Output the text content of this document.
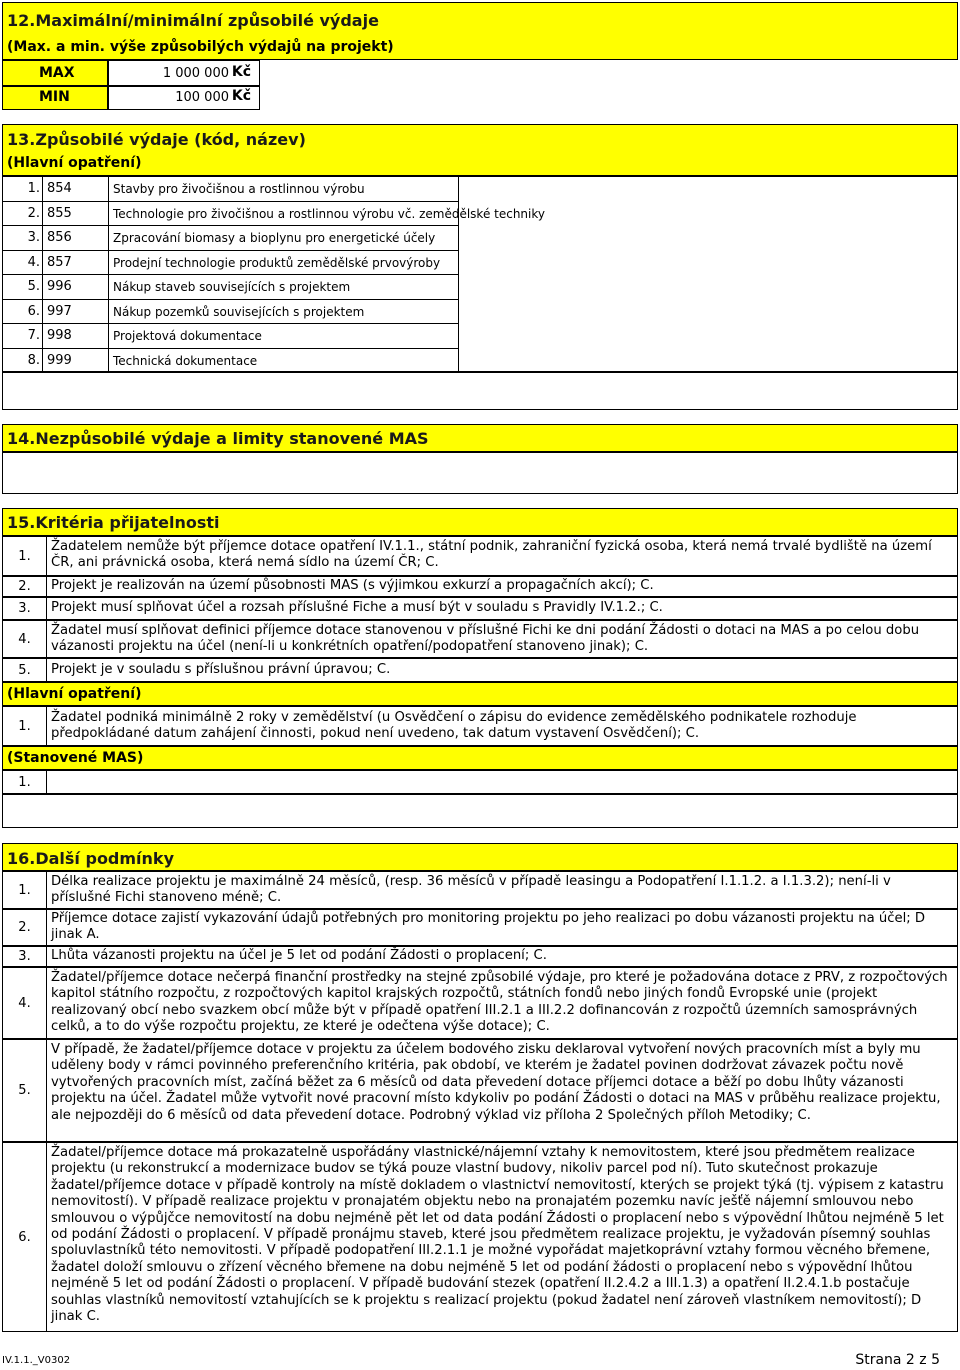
12.Maximální/minimální způsobilé výdaje
(Max. a min. výše způsobilých výdajů na projekt)
MAX	1 000 000 Kč
MIN	100 000 Kč
13.Způsobilé výdaje (kód, název)
(Hlavní opatření)
1. 854	Stavby pro živočišnou a rostlinnou výrobu
2. 855	Technologie pro živočišnou a rostlinnou výrobu vč. zemědělské techniky
3. 856	Zpracování biomasy a bioplynu pro energetické účely
4. 857	Prodejní technologie produktů zemědělské prvovýroby
5. 996	Nákup staveb souvisejících s projektem
6. 997	Nákup pozemků souvisejících s projektem
7. 998	Projektová dokumentace
8. 999	Technická dokumentace
14.Nezpůsobilé výdaje a limity stanovené MAS
15.Kritéria přijatelnosti
1.
Žadatelem nemůže být příjemce dotace opatření IV.1.1., státní podnik, zahraniční fyzická osoba, která nemá trvalé bydliště na území ČR, ani právnická osoba, která nemá sídlo na území ČR; C.
2.	Projekt je realizován na území působnosti MAS (s výjimkou exkurzí a propagačních akcí); C.
3.	Projekt musí splňovat účel a rozsah příslušné Fiche a musí být v souladu s Pravidly IV.1.2.; C.
4.
Žadatel musí splňovat definici příjemce dotace stanovenou v příslušné Fichi ke dni podání Žádosti o dotaci na MAS a po celou dobu vázanosti projektu na účel (není-li u konkrétních opatření/podopatření stanoveno jinak); C.
5.	Projekt je v souladu s příslušnou právní úpravou; C.
(Hlavní opatření)
1.
Žadatel podniká minimálně 2 roky v zemědělství (u Osvědčení o zápisu do evidence zemědělského podnikatele rozhoduje předpokládané datum zahájení činnosti, pokud není uvedeno, tak datum vystavení Osvědčení); C.
(Stanovené MAS)
1.
16.Další podmínky
1.
Délka realizace projektu je maximálně 24 měsíců, (resp. 36 měsíců v případě leasingu a Podopatření I.1.1.2. a I.1.3.2); není-li v příslušné Fichi stanoveno méně; C.
2.
Příjemce dotace zajistí vykazování údajů potřebných pro monitoring projektu po jeho realizaci po dobu vázanosti projektu na účel; D jinak A.
3.	Lhůta vázanosti projektu na účel je 5 let od podání Žádosti o proplacení; C.
4.
Žadatel/příjemce dotace nečerpá finanční prostředky na stejné způsobilé výdaje, pro které je požadována dotace z PRV, z rozpočtových kapitol státního rozpočtu, z rozpočtových kapitol krajských rozpočtů, státních fondů nebo jiných fondů Evropské unie (projekt realizovaný obcí nebo svazkem obcí může být v případě opatření III.2.1 a III.2.2 dofinancován z rozpočtů územních samosprávných celků, a to do výše rozpočtu projektu, ze které je odečtena výše dotace); C.
5.
V případě, že žadatel/příjemce dotace v projektu za účelem bodového zisku deklaroval vytvoření nových pracovních míst a byly mu uděleny body v rámci povinného preferenčního kritéria, pak období, ve kterém je žadatel povinen dodržovat závazek počtu nově vytvořených pracovních míst, začíná běžet za 6 měsíců od data převedení dotace příjemci dotace a běží po dobu lhůty vázanosti projektu na účel. Žadatel může vytvořit nové pracovní místo kdykoliv po podání Žádosti o dotaci na MAS v průběhu realizace projektu, ale nejpozději do 6 měsíců od data převedení dotace. Podrobný výklad viz příloha 2 Společných příloh Metodiky; C.
6.
Žadatel/příjemce dotace má prokazatelně uspořádány vlastnické/nájemní vztahy k nemovitostem, které jsou předmětem realizace projektu (u rekonstrukcí a modernizace budov se týká pouze vlastní budovy, nikoliv parcel pod ní). Tuto skutečnost prokazuje žadatel/příjemce dotace v případě kontroly na místě dokladem o vlastnictví nemovitostí, kterých se projekt týká (tj. výpisem z katastru nemovitostí). V případě realizace projektu v pronajatém objektu nebo na pronajatém pozemku navíc ješťě nájemní smlouvou nebo smlouvou o výpůjčce nemovitostí na dobu nejméně pět let od data podání Žádosti o proplacení nebo s výpovědní lhůtou nejméně 5 let od podání Žádosti o proplacení. V případě pronájmu staveb, které jsou předmětem realizace projektu, je vyžadován písemný souhlas spoluvlastníků této nemovitosti. V případě podopatření III.2.1.1 je možné vypořádat majetkoprávní vztahy formou věcného břemene, žadatel doloží smlouvu o zřízení věcného břemene na dobu nejméně 5 let od podání žádosti o proplacení nebo s výpovědní lhůtou nejméně 5 let od podání Žádosti o proplacení. V případě budování stezek (opatření II.2.4.2 a III.1.3) a opatření II.2.4.1.b postačuje souhlas vlastníků nemovitostí vztahujících se k projektu s realizací projektu (pokud žadatel není zároveň vlastníkem nemovitostí); D jinak C.
IV.1.1._V0302	Strana 2 z 5
